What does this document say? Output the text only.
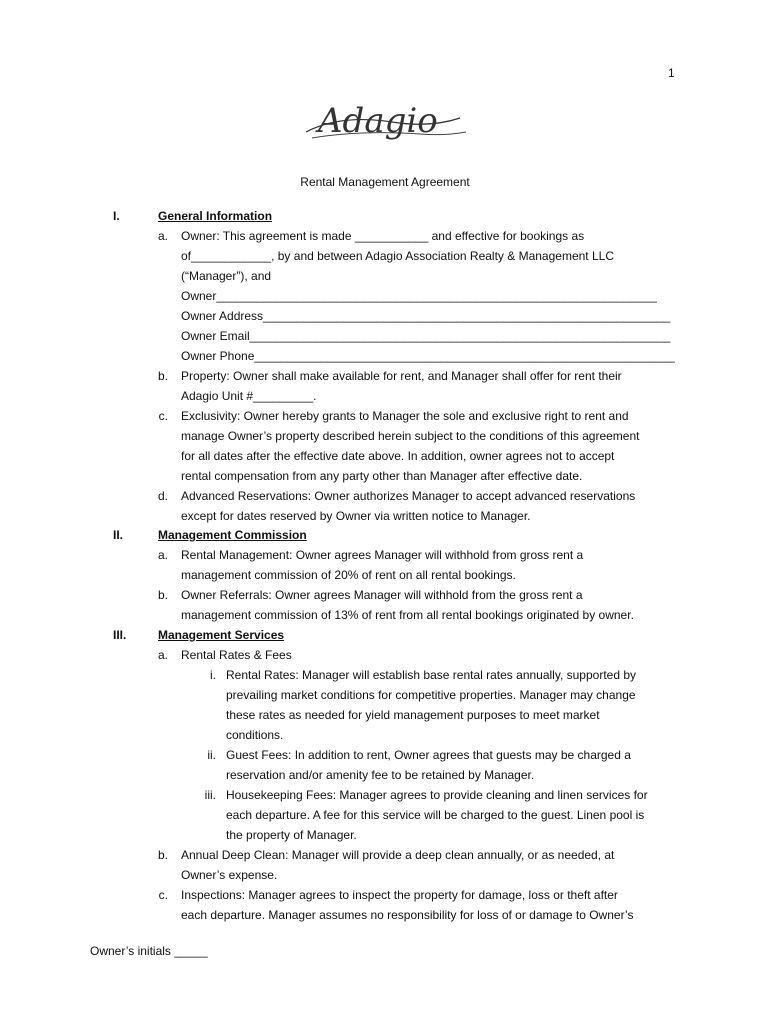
1
Adagio
Rental Management Agreement
I.	General Information
a. Owner: This agreement is made ___________ and effective for bookings as
of____________, by and between Adagio Association Realty & Management LLC
(“Manager”), and
Owner__________________________________________________________________
Owner Address_____________________________________________________________
Owner Email_______________________________________________________________
Owner Phone_______________________________________________________________
b. Property: Owner shall make available for rent, and Manager shall offer for rent their
Adagio Unit #_________.
c. Exclusivity: Owner hereby grants to Manager the sole and exclusive right to rent and
manage Owner’s property described herein subject to the conditions of this agreement
for all dates after the effective date above. In addition, owner agrees not to accept
rental compensation from any party other than Manager after effective date.
d. Advanced Reservations: Owner authorizes Manager to accept advanced reservations
except for dates reserved by Owner via written notice to Manager.
II.	Management Commission
a. Rental Management: Owner agrees Manager will withhold from gross rent a
management commission of 20% of rent on all rental bookings.
b. Owner Referrals: Owner agrees Manager will withhold from the gross rent a
management commission of 13% of rent from all rental bookings originated by owner.
III.	Management Services
a. Rental Rates & Fees
i. Rental Rates: Manager will establish base rental rates annually, supported by
prevailing market conditions for competitive properties. Manager may change
these rates as needed for yield management purposes to meet market
conditions.
ii. Guest Fees: In addition to rent, Owner agrees that guests may be charged a
reservation and/or amenity fee to be retained by Manager.
iii. Housekeeping Fees: Manager agrees to provide cleaning and linen services for
each departure. A fee for this service will be charged to the guest. Linen pool is
the property of Manager.
b. Annual Deep Clean: Manager will provide a deep clean annually, or as needed, at
Owner’s expense.
c. Inspections: Manager agrees to inspect the property for damage, loss or theft after
each departure. Manager assumes no responsibility for loss of or damage to Owner’s
Owner’s initials _____
